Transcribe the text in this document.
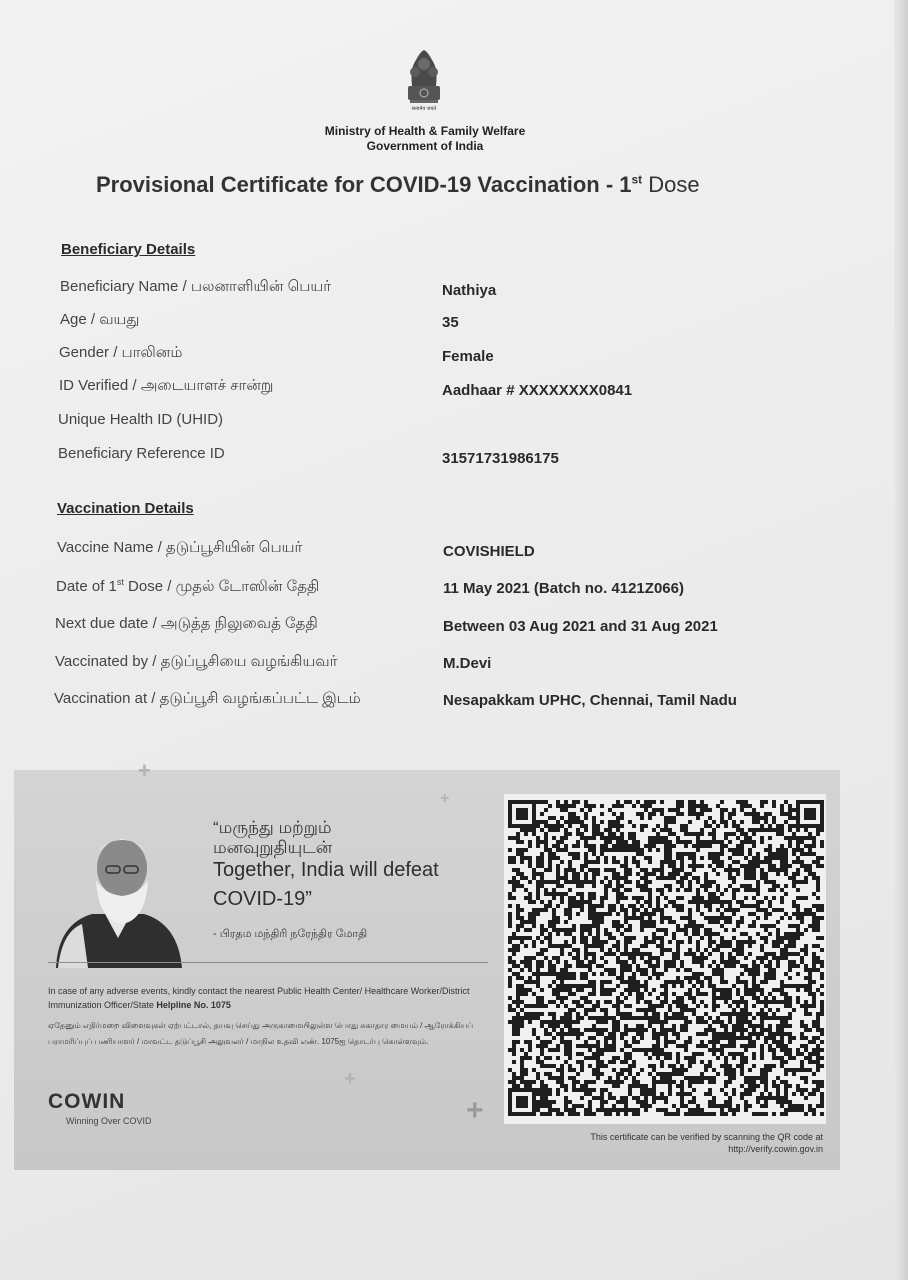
सत्यमेव जयते
Ministry of Health & Family Welfare
Government of India
Provisional Certificate for COVID-19 Vaccination - 1st Dose
Beneficiary Details
Beneficiary Name / பலனாளியின் பெயர்	Nathiya
Age / வயது	35
Gender / பாலினம்	Female
ID Verified / அடையாளச் சான்று	Aadhaar # XXXXXXXX0841
Unique Health ID (UHID)
Beneficiary Reference ID	31571731986175
Vaccination Details
Vaccine Name / தடுப்பூசியின் பெயர்	COVISHIELD
Date of 1st Dose / முதல் டோஸின் தேதி	11 May 2021 (Batch no. 4121Z066)
Next due date / அடுத்த நிலுவைத் தேதி	Between 03 Aug 2021 and 31 Aug 2021
Vaccinated by / தடுப்பூசியை வழங்கியவர்	M.Devi
Vaccination at / தடுப்பூசி வழங்கப்பட்ட இடம்	Nesapakkam UPHC, Chennai, Tamil Nadu
+
+
+
+
“மருந்து மற்றும்
மனவுறுதியுடன்
Together, India will defeat COVID-19”
- பிரதம மந்திரி நரேந்திர மோதி
In case of any adverse events, kindly contact the nearest Public Health Center/ Healthcare Worker/District Immunization Officer/State Helpline No. 1075
ஏதேனும் எதிர்மறை விளைவுகள் ஏற்பட்டால், தயவு செய்து அருகாமையிலுள்ள பொது சுகாதார மையம் / ஆரோக்கியப் பராமரிப்புப் பணியாளர் / மாவட்ட தடுப்பூசி அலுவலர் / மாநில உதவி எண். 1075ஐ தொடர்பு கொள்ளவும்.
COWIN
Winning Over COVID
This certificate can be verified by scanning the QR code at
http://verify.cowin.gov.in
